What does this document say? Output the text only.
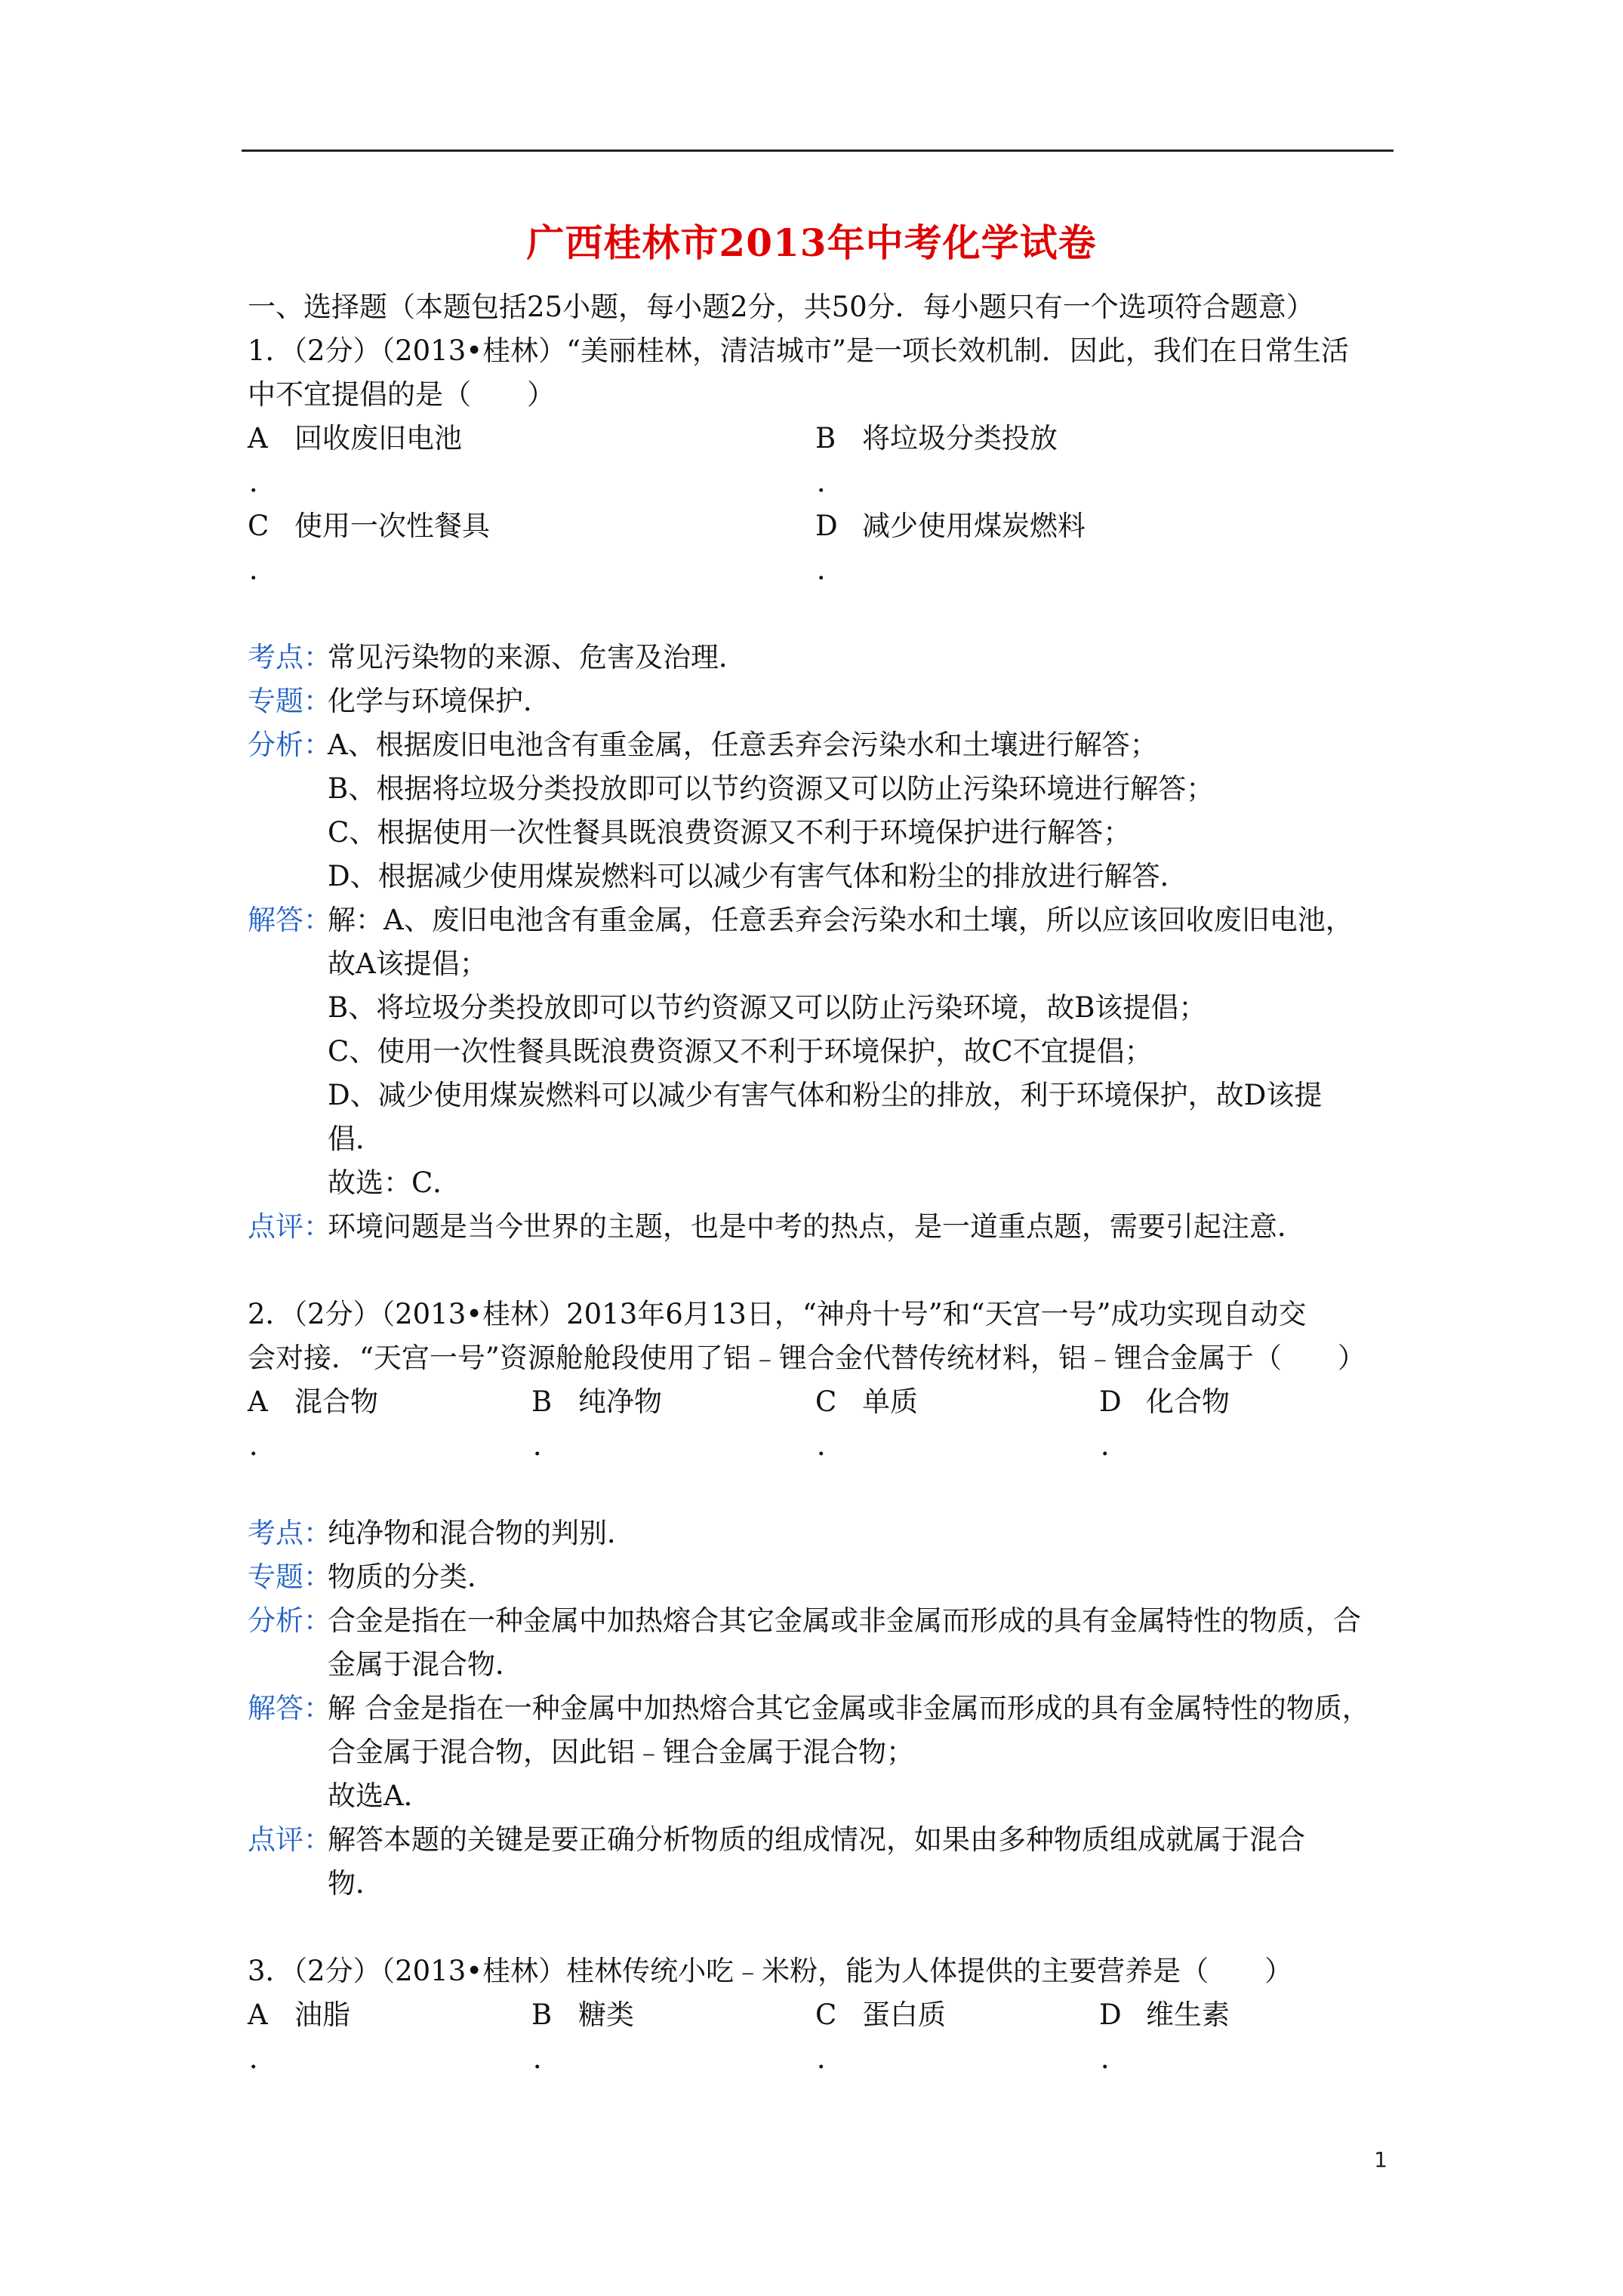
广西桂林市2013年中考化学试卷
一、选择题（本题包括25小题，每小题2分，共50分．每小题只有一个选项符合题意）
1．（2分）（2013•桂林）“美丽桂林，清洁城市”是一项长效机制．因此，我们在日常生活
中不宜提倡的是（　　）
A 回收废旧电池
．
B 将垃圾分类投放
．
C 使用一次性餐具
．
D 减少使用煤炭燃料
．
考点：
常见污染物的来源、危害及治理．
专题：
化学与环境保护．
分析：
A、根据废旧电池含有重金属，任意丢弃会污染水和土壤进行解答；
B、根据将垃圾分类投放即可以节约资源又可以防止污染环境进行解答；
C、根据使用一次性餐具既浪费资源又不利于环境保护进行解答；
D、根据减少使用煤炭燃料可以减少有害气体和粉尘的排放进行解答．
解答：
解：A、废旧电池含有重金属，任意丢弃会污染水和土壤，所以应该回收废旧电池，
故A该提倡；
B、将垃圾分类投放即可以节约资源又可以防止污染环境，故B该提倡；
C、使用一次性餐具既浪费资源又不利于环境保护，故C不宜提倡；
D、减少使用煤炭燃料可以减少有害气体和粉尘的排放，利于环境保护，故D该提
倡．
故选：C．
点评：
环境问题是当今世界的主题，也是中考的热点，是一道重点题，需要引起注意．
2．（2分）（2013•桂林）2013年6月13日，“神舟十号”和“天宫一号”成功实现自动交
会对接．“天宫一号”资源舱舱段使用了铝﹣锂合金代替传统材料，铝﹣锂合金属于（　　）
A 混合物
．
B 纯净物
．
C 单质
．
D 化合物
．
考点：
纯净物和混合物的判别．
专题：
物质的分类．
分析：
合金是指在一种金属中加热熔合其它金属或非金属而形成的具有金属特性的物质，合
金属于混合物．
解答：
解 合金是指在一种金属中加热熔合其它金属或非金属而形成的具有金属特性的物质，
合金属于混合物，因此铝﹣锂合金属于混合物；
故选A．
点评：
解答本题的关键是要正确分析物质的组成情况，如果由多种物质组成就属于混合
物．
3．（2分）（2013•桂林）桂林传统小吃﹣米粉，能为人体提供的主要营养是（　　）
A 油脂
．
B 糖类
．
C 蛋白质
．
D 维生素
．
1
